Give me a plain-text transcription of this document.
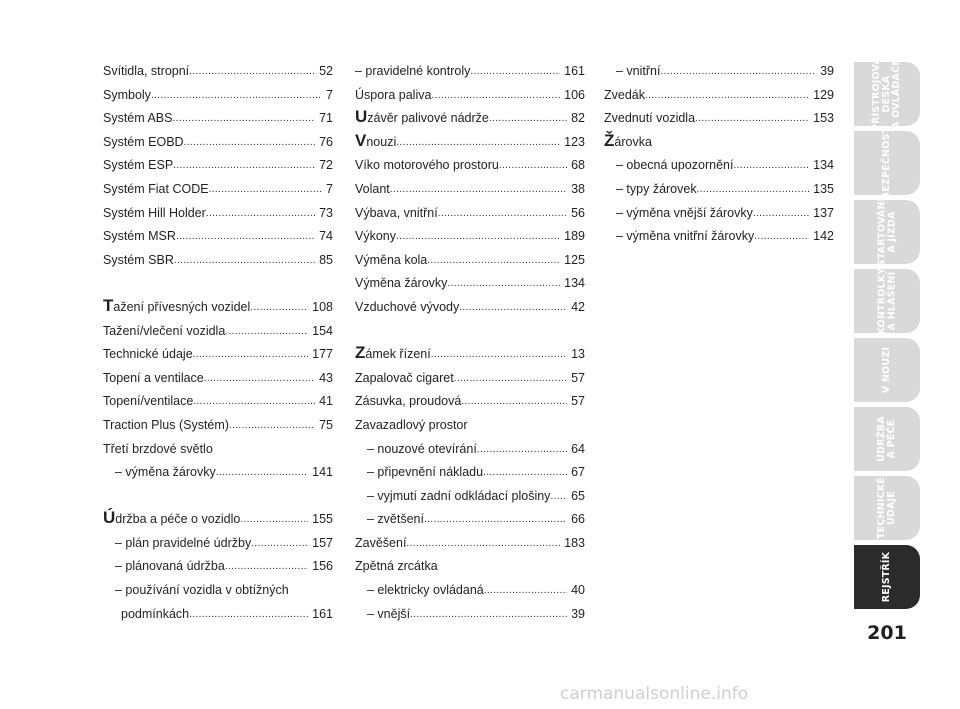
Svítidla, stropní . . .	52
Symboly . . .	7
Systém ABS . . .	71
Systém EOBD . . .	76
Systém ESP . . .	72
Systém Fiat CODE . . .	7
Systém Hill Holder . . .	73
Systém MSR . . .	74
Systém SBR . . .	85
Tažení přívesných vozidel . . .	108
Tažení/vlečení vozidla . . .	154
Technické údaje . . .	177
Topení a ventilace . . .	43
Topení/ventilace . . .	41
Traction Plus (Systém) . . .	75
Třetí brzdové světlo
– výměna žárovky . . .	141
Údržba a péče o vozidlo . . .	155
– plán pravidelné údržby . . .	157
– plánovaná údržba . . .	156
– používání vozidla v obtížných
podmínkách . . .	161
– pravidelné kontroly . . .	161
Úspora paliva . . .	106
Uzávěr palivové nádrže . . .	82
Vnouzi . . .	123
Víko motorového prostoru . . .	68
Volant . . .	38
Výbava, vnitřní . . .	56
Výkony . . .	189
Výměna kola . . .	125
Výměna žárovky . . .	134
Vzduchové vývody . . .	42
Zámek řízení . . .	13
Zapalovač cigaret . . .	57
Zásuvka, proudová . . .	57
Zavazadlový prostor
– nouzové otevírání . . .	64
– připevnění nákladu . . .	67
– vyjmutí zadní odkládací plošiny . . .	65
– zvětšení . . .	66
Zavěšení . . .	183
Zpětná zrcátka
– elektricky ovládaná . . .	40
– vnější . . .	39
– vnitřní . . .	39
Zvedák . . .	129
Zvednutí vozidla . . .	153
Žárovka
– obecná upozornění . . .	134
– typy žárovek . . .	135
– výměna vnější žárovky . . .	137
– výměna vnitřní žárovky . . .	142
PŘÍSTROJOVÁ
DESKA
A OVLÁDAČE
BEZPEČNOST
STARTOVÁNÍ
A JÍZDA
KONTROLKY
A HLÁŠENÍ
V NOUZI
ÚDRŽBA
A PÉČE
TECHNICKÉ
ÚDAJE
REJSTŘÍK
201
carmanualsonline.info
